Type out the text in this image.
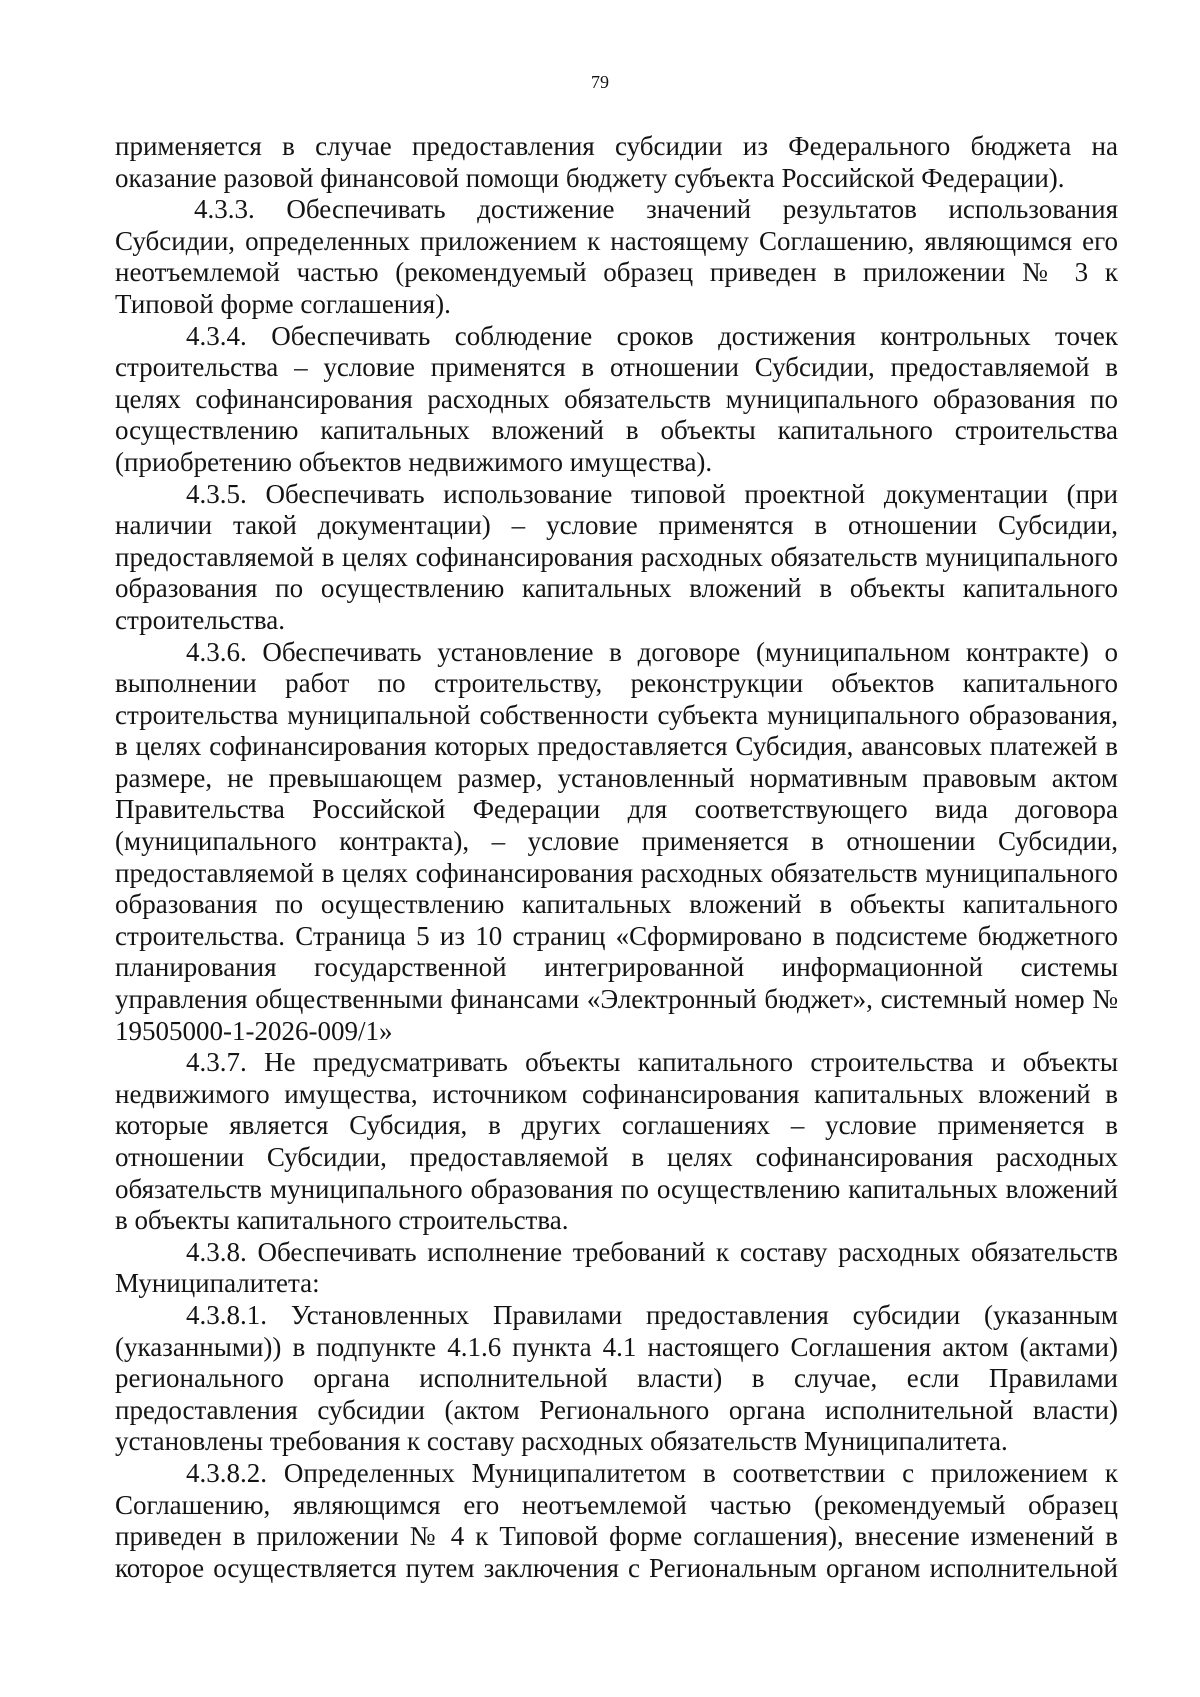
79

применяется в случае предоставления субсидии из Федерального бюджета на оказание разовой финансовой помощи бюджету субъекта Российской Федерации).

4.3.3. Обеспечивать достижение значений результатов использования Субсидии, определенных приложением к настоящему Соглашению, являющимся его неотъемлемой частью (рекомендуемый образец приведен в приложении № 3 к Типовой форме соглашения).

4.3.4. Обеспечивать соблюдение сроков достижения контрольных точек строительства – условие применятся в отношении Субсидии, предоставляемой в целях софинансирования расходных обязательств муниципального образования по осуществлению капитальных вложений в объекты капитального строительства (приобретению объектов недвижимого имущества).

4.3.5. Обеспечивать использование типовой проектной документации (при наличии такой документации) – условие применятся в отношении Субсидии, предоставляемой в целях софинансирования расходных обязательств муниципального образования по осуществлению капитальных вложений в объекты капитального строительства.

4.3.6. Обеспечивать установление в договоре (муниципальном контракте) о выполнении работ по строительству, реконструкции объектов капитального строительства муниципальной собственности субъекта муниципального образования, в целях софинансирования которых предоставляется Субсидия, авансовых платежей в размере, не превышающем размер, установленный нормативным правовым актом Правительства Российской Федерации для соответствующего вида договора (муниципального контракта), – условие применяется в отношении Субсидии, предоставляемой в целях софинансирования расходных обязательств муниципального образования по осуществлению капитальных вложений в объекты капитального строительства. Страница 5 из 10 страниц «Сформировано в подсистеме бюджетного планирования государственной интегрированной информационной системы управления общественными финансами «Электронный бюджет», системный номер № 19505000-1-2026-009/1»

4.3.7. Не предусматривать объекты капитального строительства и объекты недвижимого имущества, источником софинансирования капитальных вложений в которые является Субсидия, в других соглашениях – условие применяется в отношении Субсидии, предоставляемой в целях софинансирования расходных обязательств муниципального образования по осуществлению капитальных вложений в объекты капитального строительства.

4.3.8. Обеспечивать исполнение требований к составу расходных обязательств Муниципалитета:

4.3.8.1. Установленных Правилами предоставления субсидии (указанным (указанными)) в подпункте 4.1.6 пункта 4.1 настоящего Соглашения актом (актами) регионального органа исполнительной власти) в случае, если Правилами предоставления субсидии (актом Регионального органа исполнительной власти) установлены требования к составу расходных обязательств Муниципалитета.

4.3.8.2. Определенных Муниципалитетом в соответствии с приложением к Соглашению, являющимся его неотъемлемой частью (рекомендуемый образец приведен в приложении № 4 к Типовой форме соглашения), внесение изменений в которое осуществляется путем заключения с Региональным органом исполнительной
